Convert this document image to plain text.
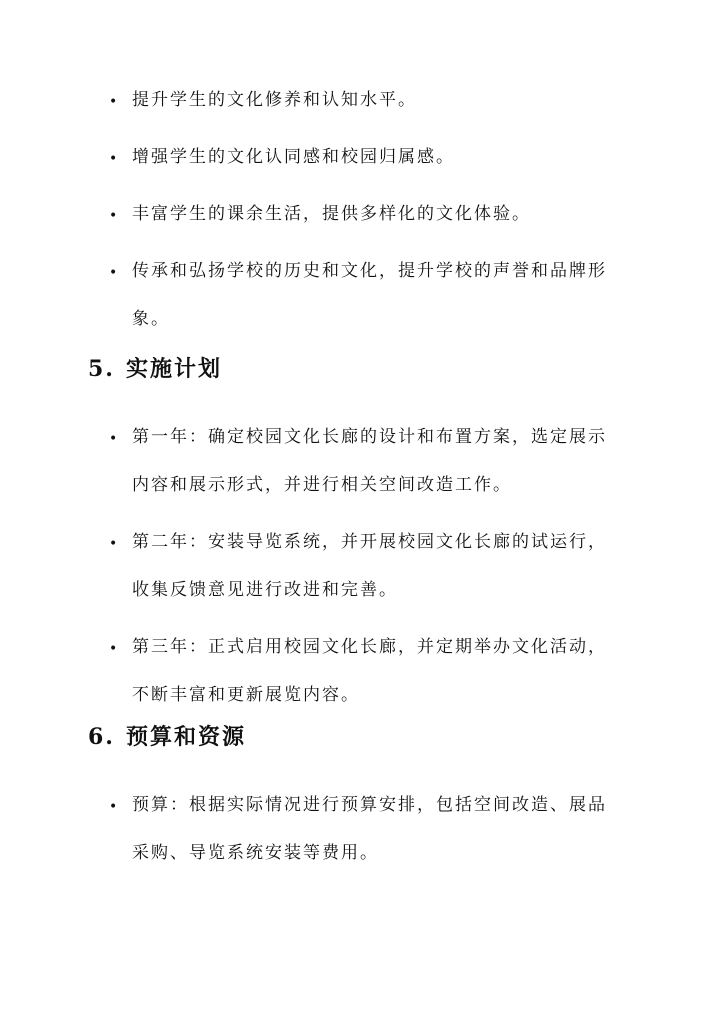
• 提升学生的文化修养和认知水平。
• 增强学生的文化认同感和校园归属感。
• 丰富学生的课余生活，提供多样化的文化体验。
• 传承和弘扬学校的历史和文化，提升学校的声誉和品牌形象。
5. 实施计划
• 第一年：确定校园文化长廊的设计和布置方案，选定展示内容和展示形式，并进行相关空间改造工作。
• 第二年：安装导览系统，并开展校园文化长廊的试运行，收集反馈意见进行改进和完善。
• 第三年：正式启用校园文化长廊，并定期举办文化活动，不断丰富和更新展览内容。
6. 预算和资源
• 预算：根据实际情况进行预算安排，包括空间改造、展品采购、导览系统安装等费用。
